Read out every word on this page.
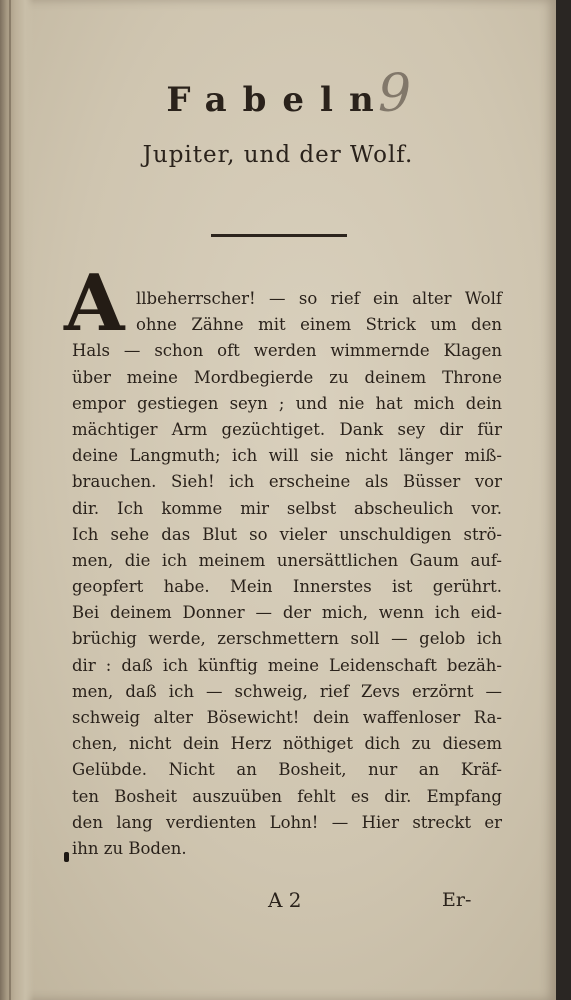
Fabeln
9
Jupiter, und der Wolf.
A llbeherrscher! — so rief ein alter Wolf
ohne Zähne mit einem Strick um den
Hals — schon oft werden wimmernde Klagen
über meine Mordbegierde zu deinem Throne
empor gestiegen seyn ; und nie hat mich dein
mächtiger Arm gezüchtiget. Dank sey dir für
deine Langmuth; ich will sie nicht länger miß-
brauchen. Sieh! ich erscheine als Büsser vor
dir. Ich komme mir selbst abscheulich vor.
Ich sehe das Blut so vieler unschuldigen strö-
men, die ich meinem unersättlichen Gaum auf-
geopfert habe. Mein Innerstes ist gerührt.
Bei deinem Donner — der mich, wenn ich eid-
brüchig werde, zerschmettern soll — gelob ich
dir : daß ich künftig meine Leidenschaft bezäh-
men, daß ich — schweig, rief Zevs erzörnt —
schweig alter Bösewicht! dein waffenloser Ra-
chen, nicht dein Herz nöthiget dich zu diesem
Gelübde. Nicht an Bosheit, nur an Kräf-
ten Bosheit auszuüben fehlt es dir. Empfang
den lang verdienten Lohn! — Hier streckt er
ihn zu Boden.
A 2	Er-
